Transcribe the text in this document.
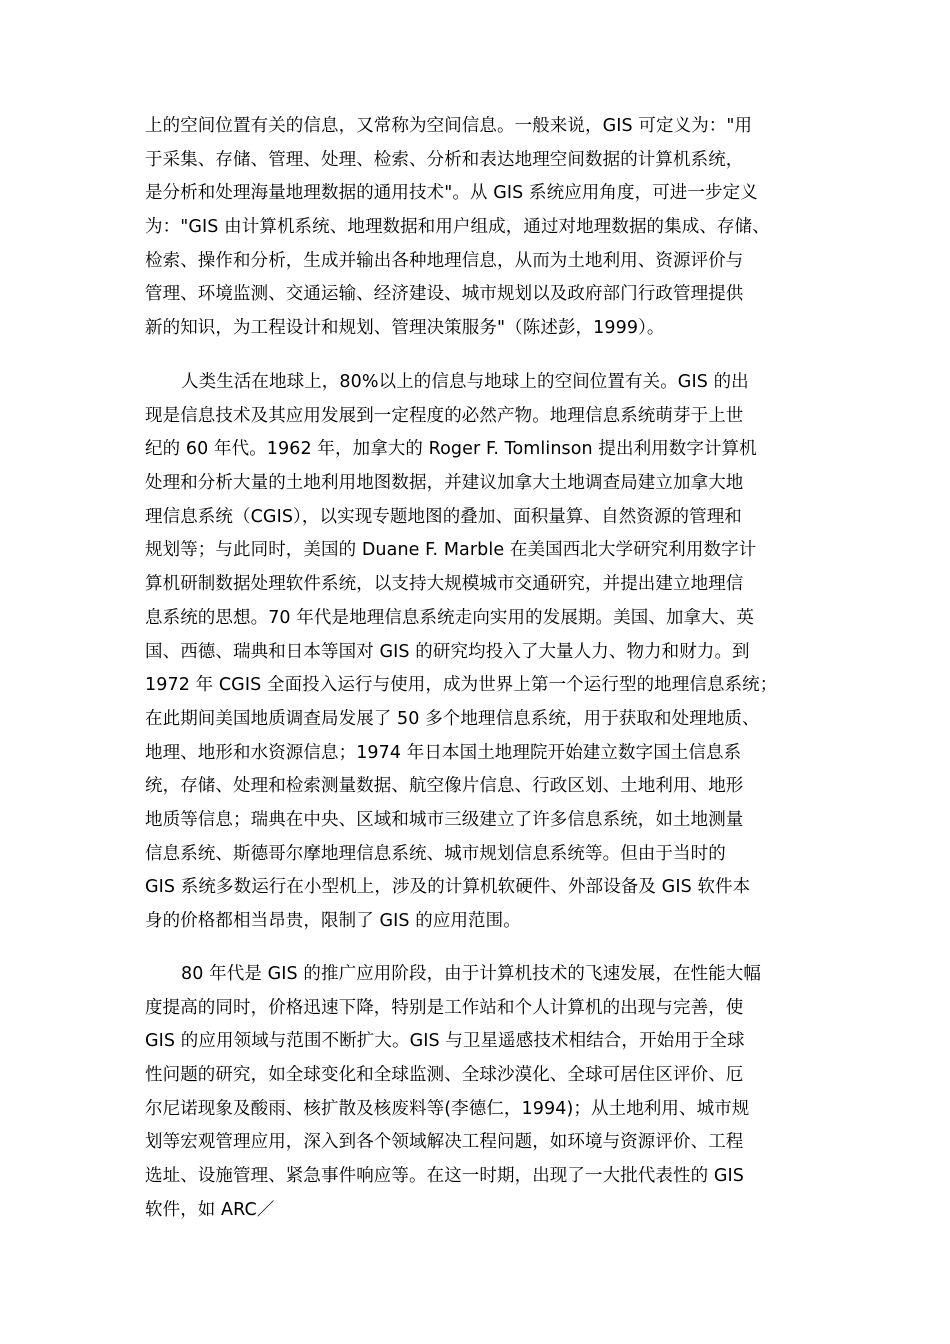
上的空间位置有关的信息，又常称为空间信息。一般来说，GIS 可定义为："用
于采集、存储、管理、处理、检索、分析和表达地理空间数据的计算机系统，
是分析和处理海量地理数据的通用技术"。从 GIS 系统应用角度，可进一步定义
为："GIS 由计算机系统、地理数据和用户组成，通过对地理数据的集成、存储、
检索、操作和分析，生成并输出各种地理信息，从而为土地利用、资源评价与
管理、环境监测、交通运输、经济建设、城市规划以及政府部门行政管理提供
新的知识，为工程设计和规划、管理决策服务"（陈述彭，1999）。
人类生活在地球上，80%以上的信息与地球上的空间位置有关。GIS 的出
现是信息技术及其应用发展到一定程度的必然产物。地理信息系统萌芽于上世
纪的 60 年代。1962 年，加拿大的 Roger F. Tomlinson 提出利用数字计算机
处理和分析大量的土地利用地图数据，并建议加拿大土地调查局建立加拿大地
理信息系统（CGIS），以实现专题地图的叠加、面积量算、自然资源的管理和
规划等；与此同时，美国的 Duane F. Marble 在美国西北大学研究利用数字计
算机研制数据处理软件系统，以支持大规模城市交通研究，并提出建立地理信
息系统的思想。70 年代是地理信息系统走向实用的发展期。美国、加拿大、英
国、西德、瑞典和日本等国对 GIS 的研究均投入了大量人力、物力和财力。到
1972 年 CGIS 全面投入运行与使用，成为世界上第一个运行型的地理信息系统；
在此期间美国地质调查局发展了 50 多个地理信息系统，用于获取和处理地质、
地理、地形和水资源信息；1974 年日本国土地理院开始建立数字国土信息系
统，存储、处理和检索测量数据、航空像片信息、行政区划、土地利用、地形
地质等信息；瑞典在中央、区域和城市三级建立了许多信息系统，如土地测量
信息系统、斯德哥尔摩地理信息系统、城市规划信息系统等。但由于当时的
GIS 系统多数运行在小型机上，涉及的计算机软硬件、外部设备及 GIS 软件本
身的价格都相当昂贵，限制了 GIS 的应用范围。
80 年代是 GIS 的推广应用阶段，由于计算机技术的飞速发展，在性能大幅
度提高的同时，价格迅速下降，特别是工作站和个人计算机的出现与完善，使
GIS 的应用领域与范围不断扩大。GIS 与卫星遥感技术相结合，开始用于全球
性问题的研究，如全球变化和全球监测、全球沙漠化、全球可居住区评价、厄
尔尼诺现象及酸雨、核扩散及核废料等(李德仁，1994)；从土地利用、城市规
划等宏观管理应用，深入到各个领域解决工程问题，如环境与资源评价、工程
选址、设施管理、紧急事件响应等。在这一时期，出现了一大批代表性的 GIS
软件，如 ARC／
